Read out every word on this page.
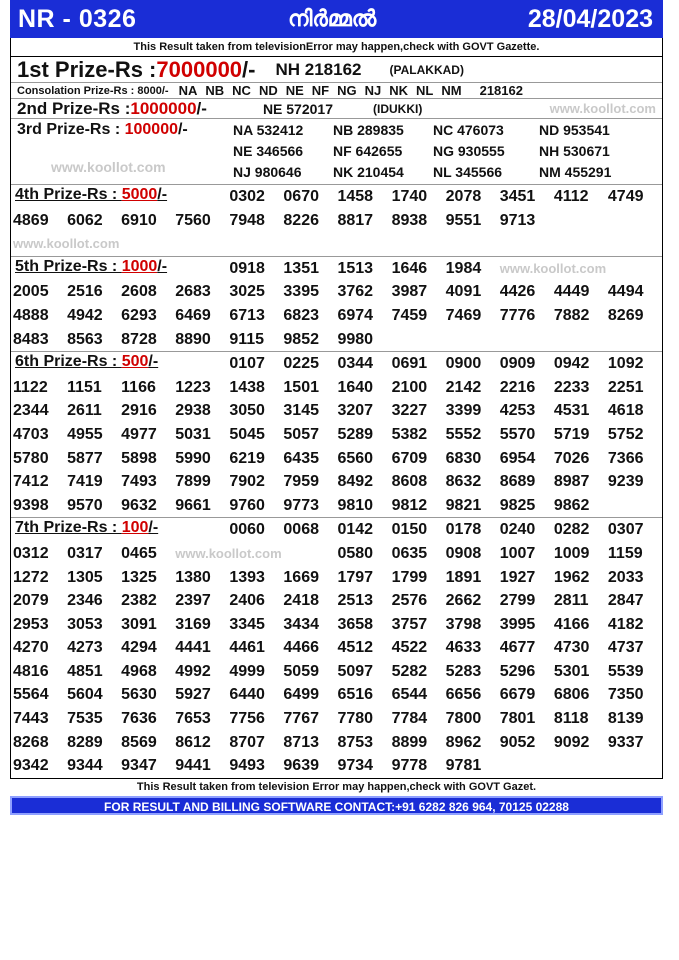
NR - 0326	നിർമ്മൽ	28/04/2023
This Result taken from televisionError may happen,check with GOVT Gazette.
1st Prize-Rs : 7000000 /- NH 218162 (PALAKKAD)
Consolation Prize-Rs : 8000/- NA NB NC ND NE NF NG NJ NK NL NM	218162
2nd Prize-Rs : 1000000 /-	NE 572017	(IDUKKI)	www.koollot.com
3rd Prize-Rs : 100000/-
www.koollot.com
NA 532412	NB 289835	NC 476073	ND 953541
NE 346566	NF 642655	NG 930555	NH 530671
NJ 980646	NK 210454	NL 345566	NM 455291
4th Prize-Rs : 5000/-	0302	0670	1458	1740	2078	3451	4112	4749
4869	6062	6910	7560	7948	8226	8817	8938	9551	9713
www.koollot.com
5th Prize-Rs : 1000/-	0918	1351	1513	1646	1984	www.koollot.com
2005	2516	2608	2683	3025	3395	3762	3987	4091	4426	4449	4494
4888	4942	6293	6469	6713	6823	6974	7459	7469	7776	7882	8269
8483	8563	8728	8890	9115	9852	9980
6th Prize-Rs : 500/-	0107	0225	0344	0691	0900	0909	0942	1092
1122	1151	1166	1223	1438	1501	1640	2100	2142	2216	2233	2251
2344	2611	2916	2938	3050	3145	3207	3227	3399	4253	4531	4618
4703	4955	4977	5031	5045	5057	5289	5382	5552	5570	5719	5752
5780	5877	5898	5990	6219	6435	6560	6709	6830	6954	7026	7366
7412	7419	7493	7899	7902	7959	8492	8608	8632	8689	8987	9239
9398	9570	9632	9661	9760	9773	9810	9812	9821	9825	9862
7th Prize-Rs : 100/-	0060	0068	0142	0150	0178	0240	0282	0307
0312	0317	0465	www.koollot.com	0580	0635	0908	1007	1009	1159
1272	1305	1325	1380	1393	1669	1797	1799	1891	1927	1962	2033
2079	2346	2382	2397	2406	2418	2513	2576	2662	2799	2811	2847
2953	3053	3091	3169	3345	3434	3658	3757	3798	3995	4166	4182
4270	4273	4294	4441	4461	4466	4512	4522	4633	4677	4730	4737
4816	4851	4968	4992	4999	5059	5097	5282	5283	5296	5301	5539
5564	5604	5630	5927	6440	6499	6516	6544	6656	6679	6806	7350
7443	7535	7636	7653	7756	7767	7780	7784	7800	7801	8118	8139
8268	8289	8569	8612	8707	8713	8753	8899	8962	9052	9092	9337
9342	9344	9347	9441	9493	9639	9734	9778	9781
This Result taken from television Error may happen,check with GOVT Gazet.
FOR RESULT AND BILLING SOFTWARE CONTACT:+91 6282 826 964, 70125 02288
